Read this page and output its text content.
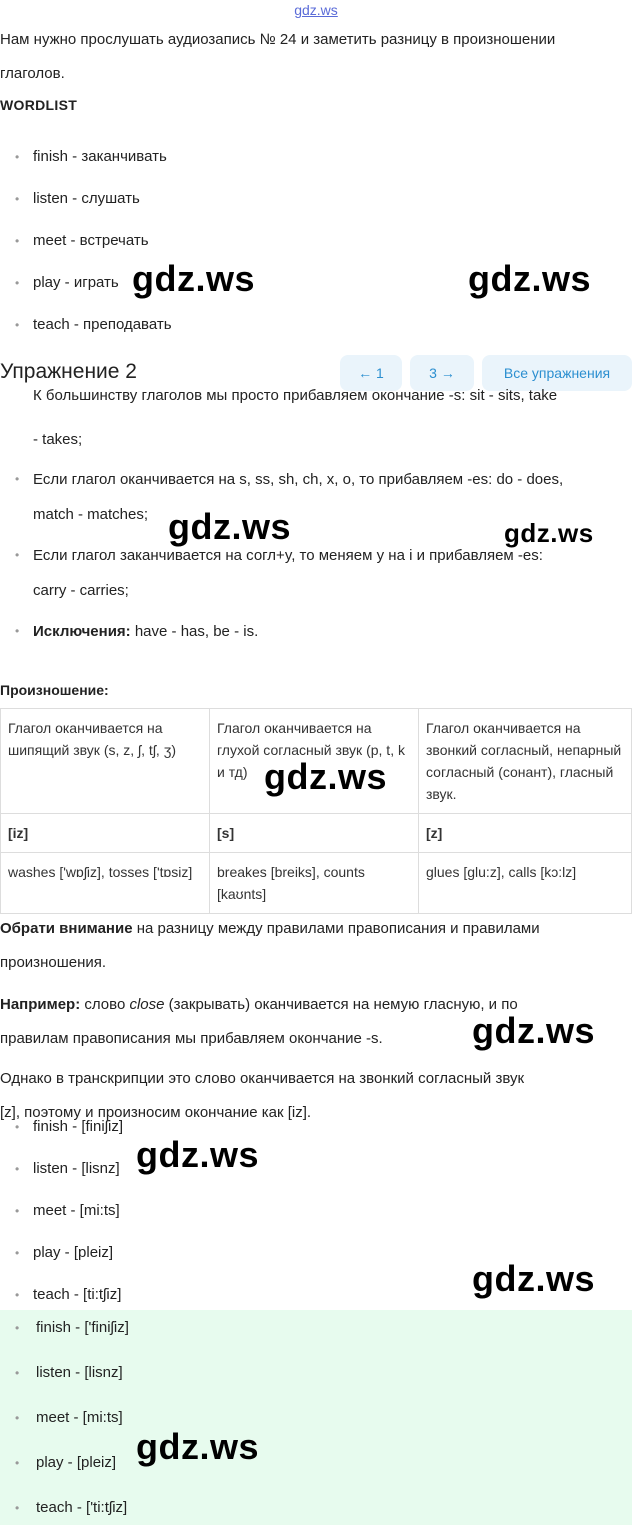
gdz.ws
Нам нужно прослушать аудиозапись № 24 и заметить разницу в произношении
глаголов.
WORDLIST
• finish - заканчивать
• listen - слушать
• meet - встречать
• play - играть
• teach - преподавать
Упражнение 2	← 1	3 →	Все упражнения
К большинству глаголов мы просто прибавляем окончание -s: sit - sits, take
- takes;
• Если глагол оканчивается на s, ss, sh, ch, x, o, то прибавляем -es: do - does,
match - matches;
• Если глагол заканчивается на согл+y, то меняем y на i и прибавляем -es:
carry - carries;
• Исключения: have - has, be - is.
Произношение:
Глагол оканчивается на шипящий звук (s, z, ʃ, tʃ, ʒ)	Глагол оканчивается на глухой согласный звук (p, t, k и тд)	Глагол оканчивается на звонкий согласный, непарный согласный (сонант), гласный звук.
[iz]	[s]	[z]
washes ['wɒʃiz], tosses ['tɒsiz]	breakes [breiks], counts [kaʊnts]	glues [glu:z], calls [kɔ:lz]
Обрати внимание на разницу между правилами правописания и правилами
произношения.
Например: слово close (закрывать) оканчивается на немую гласную, и по
правилам правописания мы прибавляем окончание -s.
Однако в транскрипции это слово оканчивается на звонкий согласный звук
[z], поэтому и произносим окончание как [iz].
• finish - [finiʃiz]
• listen - [lisnz]
• meet - [mi:ts]
• play - [pleiz]
• teach - [ti:tʃiz]
• finish - ['finiʃiz]
• listen - [lisnz]
• meet - [mi:ts]
• play - [pleiz]
• teach - ['ti:tʃiz]
gdz.ws	gdz.ws
gdz.ws	gdz.ws
gdz.ws
gdz.ws
gdz.ws
gdz.ws
gdz.ws
